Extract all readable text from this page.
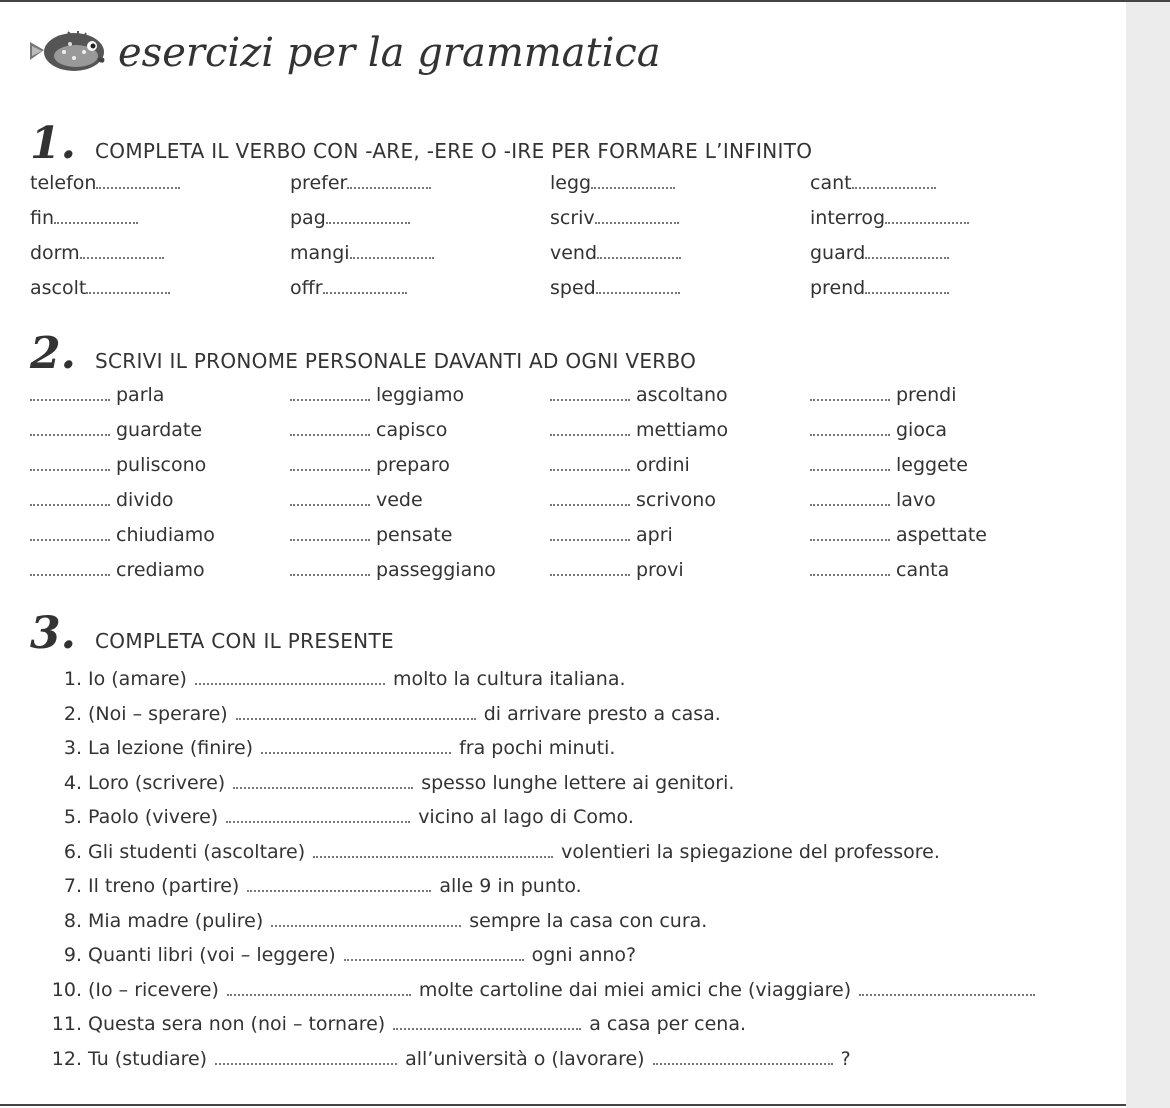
esercizi per la grammatica
1. COMPLETA IL VERBO CON -ARE, -ERE O -IRE PER FORMARE L’INFINITO
telefon	prefer	legg	cant
fin	pag	scriv	interrog
dorm	mangi	vend	guard
ascolt	offr	sped	prend
2. SCRIVI IL PRONOME PERSONALE DAVANTI AD OGNI VERBO
parla	leggiamo	ascoltano	prendi
guardate	capisco	mettiamo	gioca
puliscono	preparo	ordini	leggete
divido	vede	scrivono	lavo
chiudiamo	pensate	apri	aspettate
crediamo	passeggiano	provi	canta
3. COMPLETA CON IL PRESENTE
1. Io (amare)	molto la cultura italiana.
2. (Noi – sperare)	di arrivare presto a casa.
3. La lezione (finire)	fra pochi minuti.
4. Loro (scrivere)	spesso lunghe lettere ai genitori.
5. Paolo (vivere)	vicino al lago di Como.
6. Gli studenti (ascoltare)	volentieri la spiegazione del professore.
7. Il treno (partire)	alle 9 in punto.
8. Mia madre (pulire)	sempre la casa con cura.
9. Quanti libri (voi – leggere)	ogni anno?
10. (Io – ricevere)	molte cartoline dai miei amici che (viaggiare)
11. Questa sera non (noi – tornare)	a casa per cena.
12. Tu (studiare)	all’università o (lavorare)	?
